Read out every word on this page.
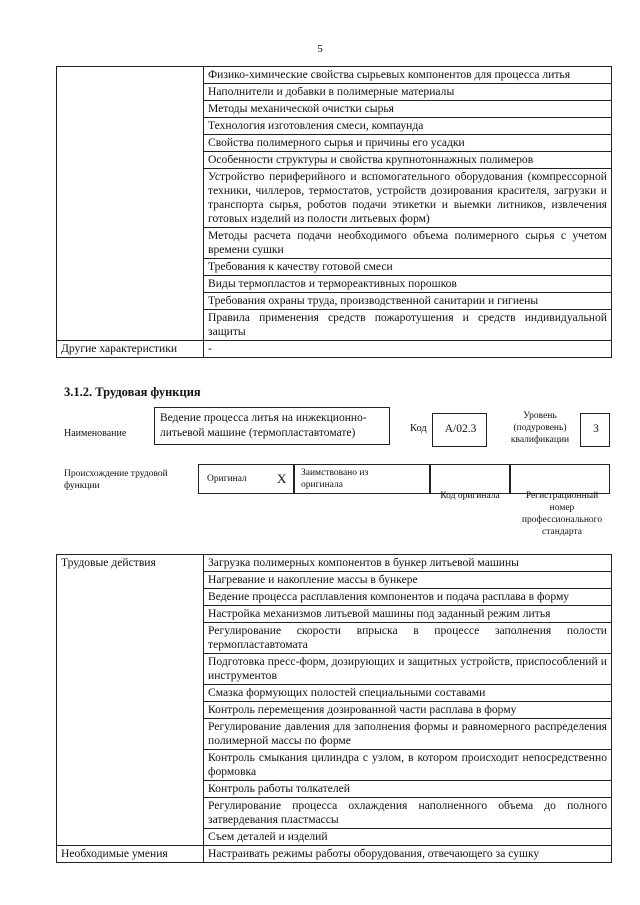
5
	Физико-химические свойства сырьевых компонентов для процесса литья
	Наполнители и добавки в полимерные материалы
	Методы механической очистки сырья
	Технология изготовления смеси, компаунда
	Свойства полимерного сырья и причины его усадки
	Особенности структуры и свойства крупнотоннажных полимеров
	Устройство периферийного и вспомогательного оборудования (компрессорной техники, чиллеров, термостатов, устройств дозирования красителя, загрузки и транспорта сырья, роботов подачи этикетки и выемки литников, извлечения готовых изделий из полости литьевых форм)
	Методы расчета подачи необходимого объема полимерного сырья с учетом времени сушки
	Требования к качеству готовой смеси
	Виды термопластов и термореактивных порошков
	Требования охраны труда, производственной санитарии и гигиены
	Правила применения средств пожаротушения и средств индивидуальной защиты
Другие характеристики	-
3.1.2. Трудовая функция
Наименование
Ведение процесса литья на инжекционно-литьевой машине (термопластавтомате)	Код	A/02.3
Уровень (подуровень) квалификации
3
Происхождение трудовой функции
Оригинал X Заимствовано из оригинала
Код оригинала	Регистрационный номер профессионального стандарта
Трудовые действия	Загрузка полимерных компонентов в бункер литьевой машины
	Нагревание и накопление массы в бункере
	Ведение процесса расплавления компонентов и подача расплава в форму
	Настройка механизмов литьевой машины под заданный режим литья
	Регулирование скорости впрыска в процессе заполнения полости термопластавтомата
	Подготовка пресс-форм, дозирующих и защитных устройств, приспособлений и инструментов
	Смазка формующих полостей специальными составами
	Контроль перемещения дозированной части расплава в форму
	Регулирование давления для заполнения формы и равномерного распределения полимерной массы по форме
	Контроль смыкания цилиндра с узлом, в котором происходит непосредственно формовка
	Контроль работы толкателей
	Регулирование процесса охлаждения наполненного объема до полного затвердевания пластмассы
	Съем деталей и изделий
Необходимые умения	Настраивать режимы работы оборудования, отвечающего за сушку
